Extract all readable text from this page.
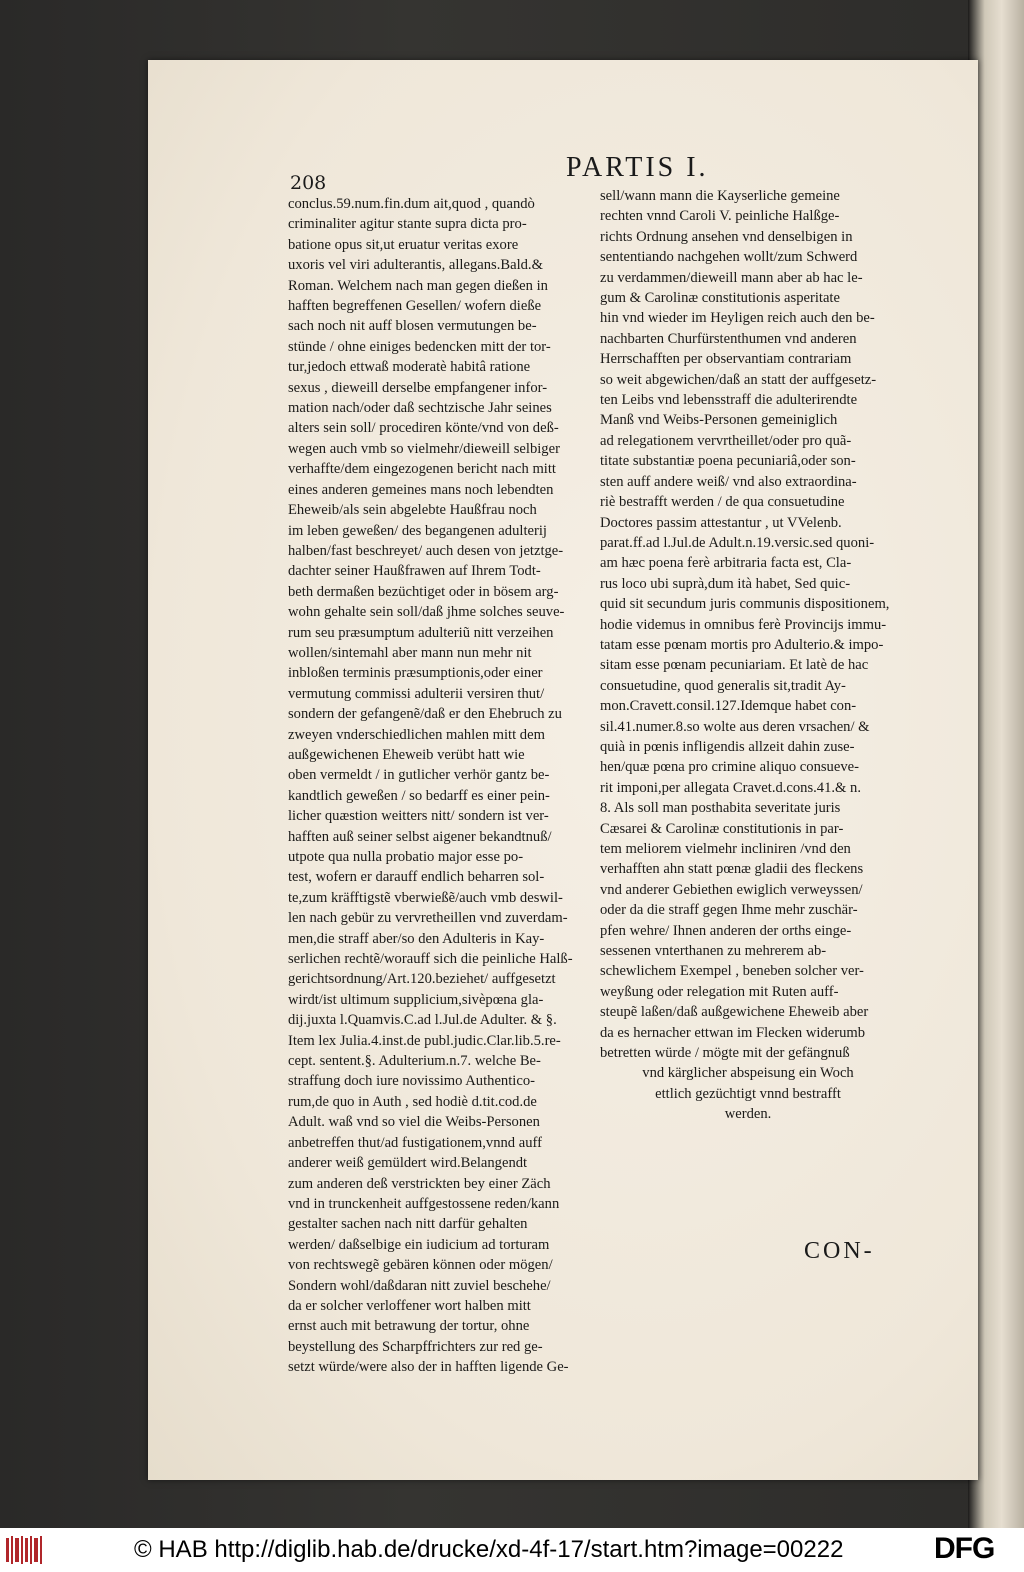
208	PARTIS I.
conclus.59.num.fin.dum ait,quod , quandò
criminaliter agitur stante supra dicta pro-
batione opus sit,ut eruatur veritas exore
uxoris vel viri adulterantis, allegans.Bald.&
Roman. Welchem nach man gegen dießen in
hafften begreffenen Gesellen/ wofern dieße
sach noch nit auff blosen vermutungen be-
stünde / ohne einiges bedencken mitt der tor-
tur,jedoch ettwaß moderatè habitâ ratione
sexus , dieweill derselbe empfangener infor-
mation nach/oder daß sechtzische Jahr seines
alters sein soll/ procediren könte/vnd von deß-
wegen auch vmb so vielmehr/dieweill selbiger
verhaffte/dem eingezogenen bericht nach mitt
eines anderen gemeines mans noch lebendten
Eheweib/als sein abgelebte Haußfrau noch
im leben geweßen/ des begangenen adulterij
halben/fast beschreyet/ auch desen von jetztge-
dachter seiner Haußfrawen auf Ihrem Todt-
beth dermaßen bezüchtiget oder in bösem arg-
wohn gehalte sein soll/daß jhme solches seuve-
rum seu præsumptum adulteriũ nitt verzeihen
wollen/sintemahl aber mann nun mehr nit
inbloßen terminis præsumptionis,oder einer
vermutung commissi adulterii versiren thut/
sondern der gefangenẽ/daß er den Ehebruch zu
zweyen vnderschiedlichen mahlen mitt dem
außgewichenen Eheweib verübt hatt wie
oben vermeldt / in gutlicher verhör gantz be-
kandtlich geweßen / so bedarff es einer pein-
licher quæstion weitters nitt/ sondern ist ver-
hafften auß seiner selbst aigener bekandtnuß/
utpote qua nulla probatio major esse po-
test, wofern er darauff endlich beharren sol-
te,zum kräfftigstẽ vberwießẽ/auch vmb deswil-
len nach gebür zu vervretheillen vnd zuverdam-
men,die straff aber/so den Adulteris in Kay-
serlichen rechtẽ/worauff sich die peinliche Halß-
gerichtsordnung/Art.120.beziehet/ auffgesetzt
wirdt/ist ultimum supplicium,sivèpœna gla-
dij.juxta l.Quamvis.C.ad l.Jul.de Adulter. & §.
Item lex Julia.4.inst.de publ.judic.Clar.lib.5.re-
cept. sentent.§. Adulterium.n.7. welche Be-
straffung doch iure novissimo Authentico-
rum,de quo in Auth , sed hodiè d.tit.cod.de
Adult. waß vnd so viel die Weibs-Personen
anbetreffen thut/ad fustigationem,vnnd auff
anderer weiß gemüldert wird.Belangendt
zum anderen deß verstrickten bey einer Zäch
vnd in trunckenheit auffgestossene reden/kann
gestalter sachen nach nitt darfür gehalten
werden/ daßselbige ein iudicium ad torturam
von rechtswegẽ gebären können oder mögen/
Sondern wohl/daßdaran nitt zuviel beschehe/
da er solcher verloffener wort halben mitt
ernst auch mit betrawung der tortur, ohne
beystellung des Scharpffrichters zur red ge-
setzt würde/were also der in hafften ligende Ge-
sell/wann mann die Kayserliche gemeine
rechten vnnd Caroli V. peinliche Halßge-
richts Ordnung ansehen vnd denselbigen in
sententiando nachgehen wollt/zum Schwerd
zu verdammen/dieweill mann aber ab hac le-
gum & Carolinæ constitutionis asperitate
hin vnd wieder im Heyligen reich auch den be-
nachbarten Churfürstenthumen vnd anderen
Herrschafften per observantiam contrariam
so weit abgewichen/daß an statt der auffgesetz-
ten Leibs vnd lebensstraff die adulterirendte
Manß vnd Weibs-Personen gemeiniglich
ad relegationem vervrtheillet/oder pro quã-
titate substantiæ poena pecuniariâ,oder son-
sten auff andere weiß/ vnd also extraordina-
riè bestrafft werden / de qua consuetudine
Doctores passim attestantur , ut VVelenb.
parat.ff.ad l.Jul.de Adult.n.19.versic.sed quoni-
am hæc poena ferè arbitraria facta est, Cla-
rus loco ubi suprà,dum ità habet, Sed quic-
quid sit secundum juris communis dispositionem,
hodie videmus in omnibus ferè Provincijs immu-
tatam esse pœnam mortis pro Adulterio.& impo-
sitam esse pœnam pecuniariam. Et latè de hac
consuetudine, quod generalis sit,tradit Ay-
mon.Cravett.consil.127.Idemque habet con-
sil.41.numer.8.so wolte aus deren vrsachen/ &
quià in pœnis infligendis allzeit dahin zuse-
hen/quæ pœna pro crimine aliquo consueve-
rit imponi,per allegata Cravet.d.cons.41.& n.
8. Als soll man posthabita severitate juris
Cæsarei & Carolinæ constitutionis in par-
tem meliorem vielmehr incliniren /vnd den
verhafften ahn statt pœnæ gladii des fleckens
vnd anderer Gebiethen ewiglich verweyssen/
oder da die straff gegen Ihme mehr zuschär-
pfen wehre/ Ihnen anderen der orths einge-
sessenen vnterthanen zu mehrerem ab-
schewlichem Exempel , beneben solcher ver-
weyßung oder relegation mit Ruten auff-
steupẽ laßen/daß außgewichene Eheweib aber
da es hernacher ettwan im Flecken widerumb
betretten würde / mögte mit der gefängnuß
vnd kärglicher abspeisung ein Woch
ettlich gezüchtigt vnnd bestrafft
werden.
CON-
© HAB http://diglib.hab.de/drucke/xd-4f-17/start.htm?image=00222	DFG
